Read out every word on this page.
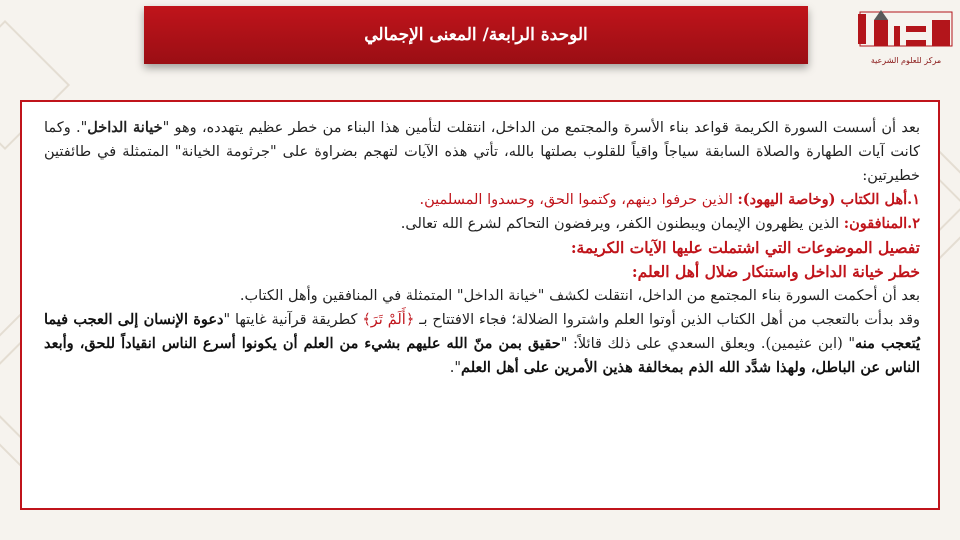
الوحدة الرابعة/ المعنى الإجمالي
مركز للعلوم الشرعية

بعد أن أسست السورة الكريمة قواعد بناء الأسرة والمجتمع من الداخل، انتقلت لتأمين هذا البناء من خطر عظيم يتهدده، وهو "خيانة الداخل". وكما كانت آيات الطهارة والصلاة السابقة سياجاً واقياً للقلوب بصلتها بالله، تأتي هذه الآيات لتهجم بضراوة على "جرثومة الخيانة" المتمثلة في طائفتين خطيرتين:

١.أهل الكتاب (وخاصة اليهود): الذين حرفوا دينهم، وكتموا الحق، وحسدوا المسلمين.

٢.المنافقون: الذين يظهرون الإيمان ويبطنون الكفر، ويرفضون التحاكم لشرع الله تعالى.

تفصيل الموضوعات التي اشتملت عليها الآيات الكريمة:

خطر خيانة الداخل واستنكار ضلال أهل العلم:

بعد أن أحكمت السورة بناء المجتمع من الداخل، انتقلت لكشف "خيانة الداخل" المتمثلة في المنافقين وأهل الكتاب.

وقد بدأت بالتعجب من أهل الكتاب الذين أوتوا العلم واشتروا الضلالة؛ فجاء الافتتاح بـ ﴿أَلَمْ تَرَ﴾ كطريقة قرآنية غايتها "دعوة الإنسان إلى العجب فيما يُتعجب منه" (ابن عثيمين). ويعلق السعدي على ذلك قائلاً: "حقيق بمن منّ الله عليهم بشيء من العلم أن يكونوا أسرع الناس انقياداً للحق، وأبعد الناس عن الباطل، ولهذا شدَّد الله الذم بمخالفة هذين الأمرين على أهل العلم".
